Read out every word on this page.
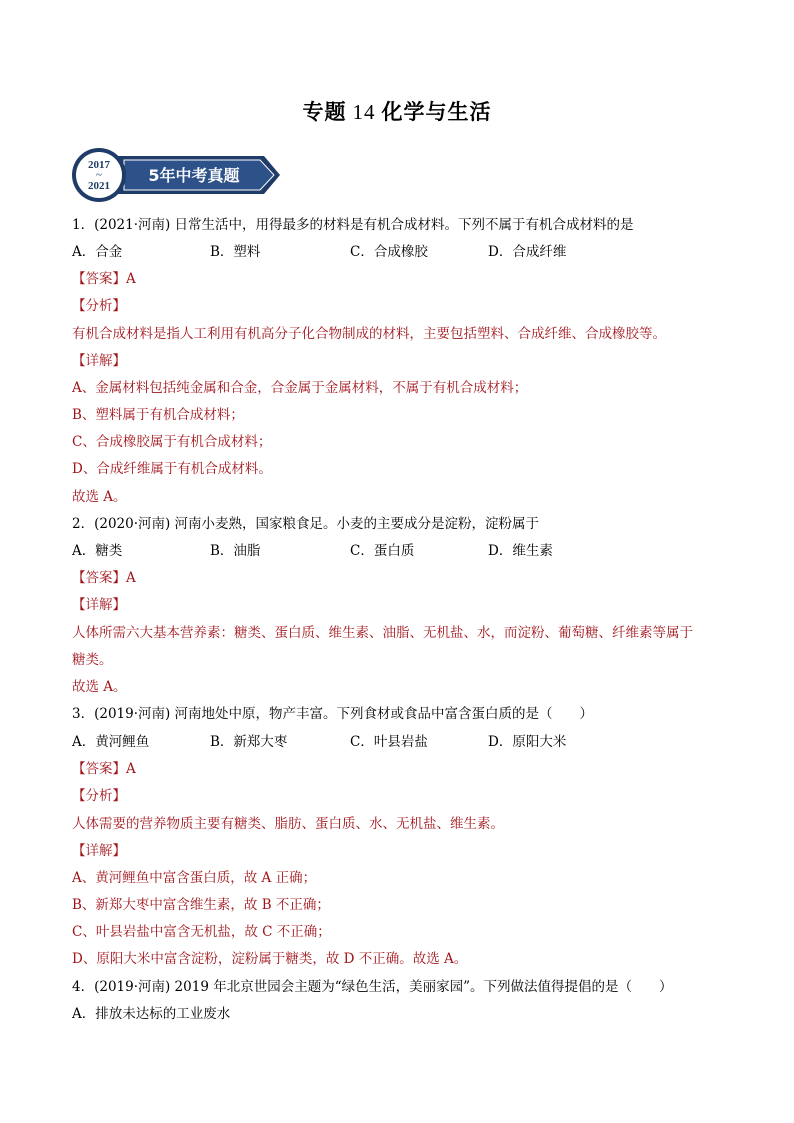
专题 14 化学与生活
2017
~
2021
5年中考真题
1．(2021·河南) 日常生活中，用得最多的材料是有机合成材料。下列不属于有机合成材料的是
A．合金	B．塑料	C．合成橡胶	D．合成纤维
【答案】A
【分析】
有机合成材料是指人工利用有机高分子化合物制成的材料，主要包括塑料、合成纤维、合成橡胶等。
【详解】
A、金属材料包括纯金属和合金，合金属于金属材料，不属于有机合成材料；
B、塑料属于有机合成材料；
C、合成橡胶属于有机合成材料；
D、合成纤维属于有机合成材料。
故选 A。
2．(2020·河南) 河南小麦熟，国家粮食足。小麦的主要成分是淀粉，淀粉属于
A．糖类	B．油脂	C．蛋白质	D．维生素
【答案】A
【详解】
人体所需六大基本营养素：糖类、蛋白质、维生素、油脂、无机盐、水，而淀粉、葡萄糖、纤维素等属于
糖类。
故选 A。
3．(2019·河南) 河南地处中原，物产丰富。下列食材或食品中富含蛋白质的是（　　）
A．黄河鲤鱼	B．新郑大枣	C．叶县岩盐	D．原阳大米
【答案】A
【分析】
人体需要的营养物质主要有糖类、脂肪、蛋白质、水、无机盐、维生素。
【详解】
A、黄河鲤鱼中富含蛋白质，故 A 正确；
B、新郑大枣中富含维生素，故 B 不正确；
C、叶县岩盐中富含无机盐，故 C 不正确；
D、原阳大米中富含淀粉，淀粉属于糖类，故 D 不正确。故选 A。
4．(2019·河南) 2019 年北京世园会主题为“绿色生活，美丽家园”。下列做法值得提倡的是（　　）
A．排放未达标的工业废水
